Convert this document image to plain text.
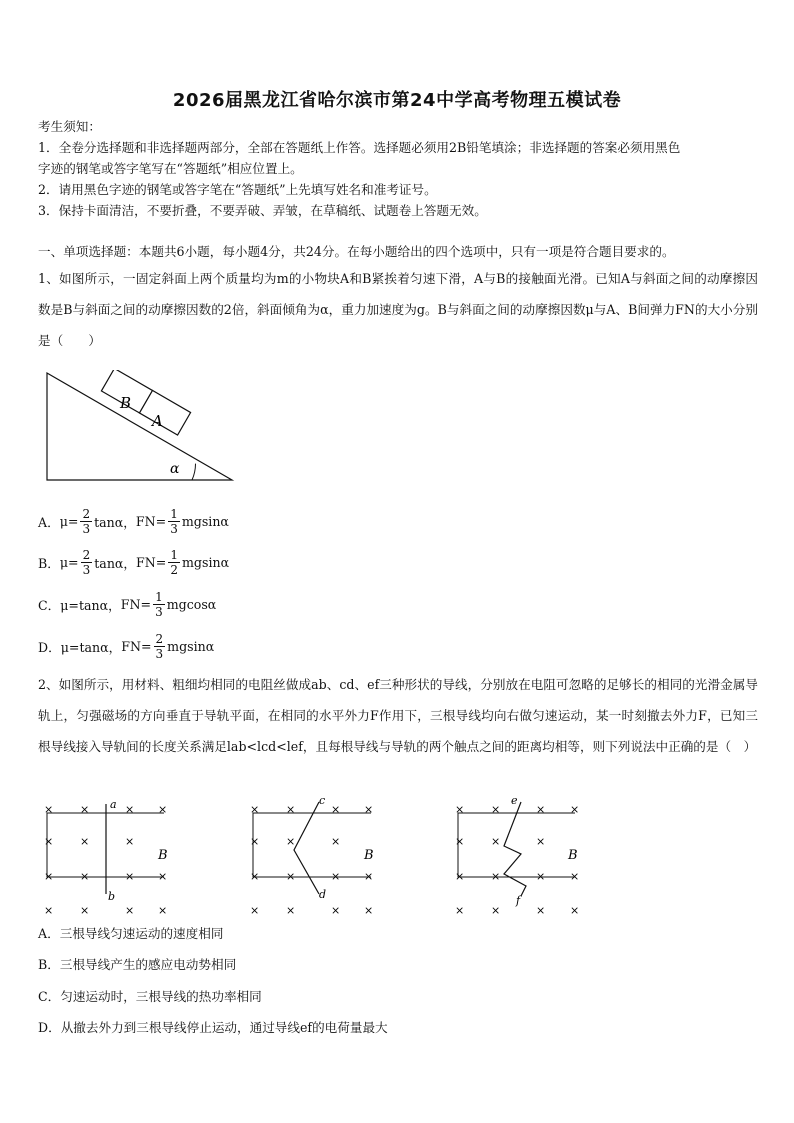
2026届黑龙江省哈尔滨市第24中学高考物理五模试卷
考生须知：
1．全卷分选择题和非选择题两部分，全部在答题纸上作答。选择题必须用2B铅笔填涂；非选择题的答案必须用黑色
字迹的钢笔或答字笔写在“答题纸”相应位置上。
2．请用黑色字迹的钢笔或答字笔在“答题纸”上先填写姓名和准考证号。
3．保持卡面清洁，不要折叠，不要弄破、弄皱，在草稿纸、试题卷上答题无效。
一、单项选择题：本题共6小题，每小题4分，共24分。在每小题给出的四个选项中，只有一项是符合题目要求的。
1、如图所示，一固定斜面上两个质量均为m的小物块A和B紧挨着匀速下滑，A与B的接触面光滑。已知A与斜面之间的动摩擦因数是B与斜面之间的动摩擦因数的2倍，斜面倾角为α，重力加速度为g。B与斜面之间的动摩擦因数μ与A、B间弹力FN的大小分别是（　　）
B
A
α
A． $\mu= \frac{2}{3}$ tanα， $FN= \frac{1}{3}$ mgsinα
B． $\mu= \frac{2}{3}$ tanα， $FN= \frac{1}{2}$ mgsinα
C． μ=tanα， $FN= \frac{1}{3}$ mgcosα
D． μ=tanα， $FN= \frac{2}{3}$ mgsinα
2、如图所示，用材料、粗细均相同的电阻丝做成ab、cd、ef三种形状的导线，分别放在电阻可忽略的足够长的相同的光滑金属导轨上，匀强磁场的方向垂直于导轨平面，在相同的水平外力F作用下，三根导线均向右做匀速运动，某一时刻撤去外力F，已知三根导线接入导轨间的长度关系满足lab<lcd<lef，且每根导线与导轨的两个触点之间的距离均相等，则下列说法中正确的是（　）
×
×
×
×
×
×
×
×
×
×
×
×
×
×
×
×
×
×
×
×
×
×
×
×
×
×
×
×
×
×
×
×
×
×
×
×
×
×
×
×
×
×
×
×
×
a
b
B
c
d
B
e
f
B
A．三根导线匀速运动的速度相同
B．三根导线产生的感应电动势相同
C．匀速运动时，三根导线的热功率相同
D．从撤去外力到三根导线停止运动，通过导线ef的电荷量最大
